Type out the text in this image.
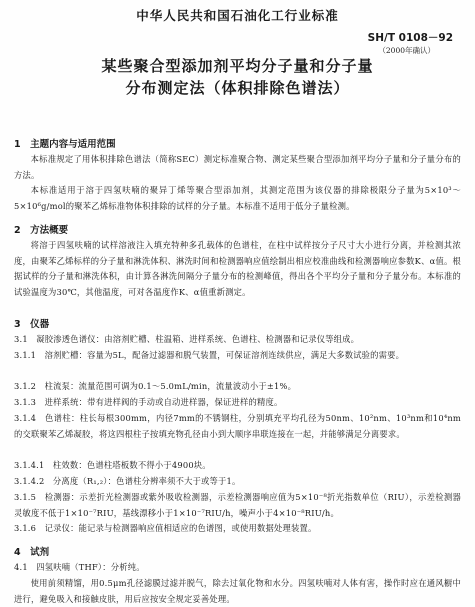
中华人民共和国石油化工行业标准
SH/T 0108－92
（2000年确认）
某些聚合型添加剂平均分子量和分子量
分布测定法（体积排除色谱法）
1　主题内容与适用范围
本标准规定了用体积排除色谱法（简称SEC）测定标准聚合物、测定某些聚合型添加剂平均分子量和分子量分布的方法。
本标准适用于溶于四氢呋喃的聚异丁烯等聚合型添加剂，其测定范围为该仪器的排除极限分子量为5×10³～5×10⁶g/mol的聚苯乙烯标准物体积排除的试样的分子量。本标准不适用于低分子量检测。
2　方法概要
将溶于四氢呋喃的试样溶液注入填充特种多孔载体的色谱柱，在柱中试样按分子尺寸大小进行分离，并检测其浓度，由聚苯乙烯标样的分子量和淋洗体积、淋洗时间和检测器响应值绘制出相应校准曲线和检测器响应参数K、α值。根据试样的分子量和淋洗体积，由计算各淋洗间隔分子量分布的检测峰值，得出各个平均分子量和分子量分布。本标准的试验温度为30℃，其他温度，可对各温度作K、α值重新测定。
3　仪器
3.1　凝胶渗透色谱仪：由溶剂贮槽、柱温箱、进样系统、色谱柱、检测器和记录仪等组成。
3.1.1　溶剂贮槽：容量为5L，配备过滤器和脱气装置，可保证溶剂连续供应，满足大多数试验的需要。
3.1.2　柱流泵：流量范围可调为0.1～5.0mL/min，流量波动小于±1%。
3.1.3　进样系统：带有进样阀的手动或自动进样器，保证进样的精度。
3.1.4　色谱柱：柱长每根300mm，内径7mm的不锈钢柱，分别填充平均孔径为50nm、10²nm、10³nm和10⁴nm的交联聚苯乙烯凝胶，将这四根柱子按填充物孔径由小到大顺序串联连接在一起，并能够满足分离要求。
3.1.4.1　柱效数：色谱柱塔板数不得小于4900块。
3.1.4.2　分离度（R₁,₂）：色谱柱分辨率须不大于或等于1。
3.1.5　检测器：示差折光检测器或紫外吸收检测器，示差检测器响应值为5×10⁻⁸折光指数单位（RIU），示差检测器灵敏度不低于1×10⁻⁷RIU，基线漂移小于1×10⁻⁷RIU/h，噪声小于4×10⁻⁸RIU/h。
3.1.6　记录仪：能记录与检测器响应值相适应的色谱图，或使用数据处理装置。
4　试剂
4.1　四氢呋喃（THF）：分析纯。
使用前须精馏，用0.5μm孔径滤膜过滤并脱气，除去过氧化物和水分。四氢呋喃对人体有害，操作时应在通风橱中进行，避免吸入和接触皮肤，用后应按安全规定妥善处理。
